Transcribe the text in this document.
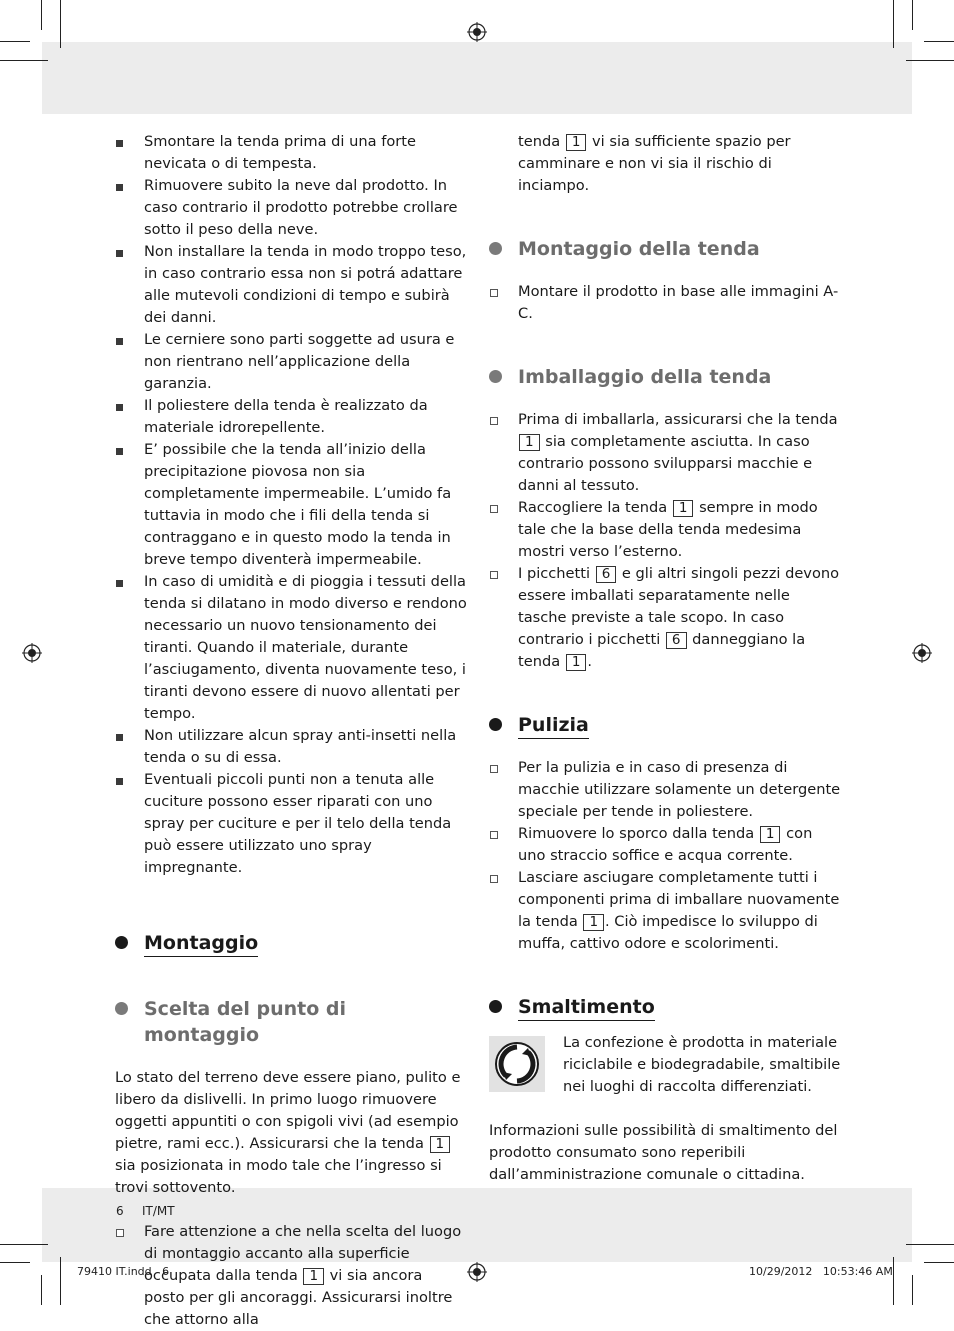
Smontare la tenda prima di una forte nevicata o di tempesta.
Rimuovere subito la neve dal prodotto. In caso contrario il prodotto potrebbe crollare sotto il peso della neve.
Non installare la tenda in modo troppo teso, in caso contrario essa non si potrá adattare alle mutevoli condizioni di tempo e subirà dei danni.
Le cerniere sono parti soggette ad usura e non rientrano nell’applicazione della garanzia.
Il poliestere della tenda è realizzato da materiale idrorepellente.
E’ possibile che la tenda all’inizio della precipitazione piovosa non sia completamente impermeabile. L’umido fa tuttavia in modo che i fili della tenda si contraggano e in questo modo la tenda in breve tempo diventerà impermeabile.
In caso di umidità e di pioggia i tessuti della tenda si dilatano in modo diverso e rendono necessario un nuovo tensionamento dei tiranti. Quando il materiale, durante l’asciugamento, diventa nuovamente teso, i tiranti devono essere di nuovo allentati per tempo.
Non utilizzare alcun spray anti-insetti nella tenda o su di essa.
Eventuali piccoli punti non a tenuta alle cuciture possono esser riparati con uno spray per cuciture e per il telo della tenda può essere utilizzato uno spray impregnante.
Montaggio
Scelta del punto di montaggio

Lo stato del terreno deve essere piano, pulito e libero da dislivelli. In primo luogo rimuovere oggetti appuntiti o con spigoli vivi (ad esempio pietre, rami ecc.). Assicurarsi che la tenda 1 sia posizionata in modo tale che l’ingresso si trovi sottovento.

Fare attenzione a che nella scelta del luogo di montaggio accanto alla superficie occupata dalla tenda 1 vi sia ancora posto per gli ancoraggi. Assicurarsi inoltre che attorno alla
tenda 1 vi sia sufficiente spazio per camminare e non vi sia il rischio di inciampo.
Montaggio della tenda
Montare il prodotto in base alle immagini A-C.
Imballaggio della tenda
Prima di imballarla, assicurarsi che la tenda 1 sia completamente asciutta. In caso contrario possono svilupparsi macchie e danni al tessuto.
Raccogliere la tenda 1 sempre in modo tale che la base della tenda medesima mostri verso l’esterno.
I picchetti 6 e gli altri singoli pezzi devono essere imballati separatamente nelle tasche previste a tale scopo. In caso contrario i picchetti 6 danneggiano la tenda 1 .
Pulizia
Per la pulizia e in caso di presenza di macchie utilizzare solamente un detergente speciale per tende in poliestere.
Rimuovere lo sporco dalla tenda 1 con uno straccio soffice e acqua corrente.
Lasciare asciugare completamente tutti i componenti prima di imballare nuovamente la tenda 1 . Ciò impedisce lo sviluppo di muffa, cattivo odore e scolorimenti.
Smaltimento
La confezione è prodotta in materiale riciclabile e biodegradabile, smaltibile nei luoghi di raccolta differenziati.

Informazioni sulle possibilità di smaltimento del prodotto consumato sono reperibili dall’amministrazione comunale o cittadina.

6 IT/MT
79410 IT.indd   6	10/29/2012   10:53:46 AM
